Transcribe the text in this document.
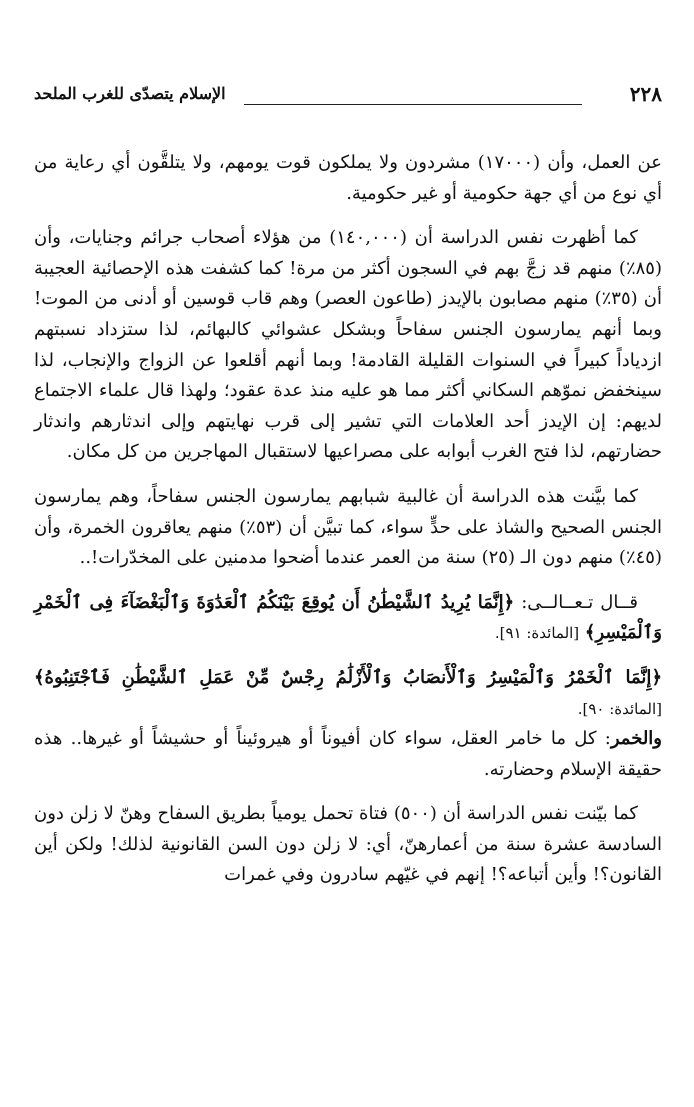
٢٢٨
الإسلام يتصدّى للغرب الملحد

عن العمل، وأن (١٧٠٠٠) مشردون ولا يملكون قوت يومهم، ولا يتلقَّون أي رعاية من أي نوع من أي جهة حكومية أو غير حكومية.

كما أظهرت نفس الدراسة أن (١٤٠,٠٠٠) من هؤلاء أصحاب جرائم وجنايات، وأن (٨٥٪) منهم قد زجَّ بهم في السجون أكثر من مرة! كما كشفت هذه الإحصائية العجيبة أن (٣٥٪) منهم مصابون بالإيدز (طاعون العصر) وهم قاب قوسين أو أدنى من الموت! وبما أنهم يمارسون الجنس سفاحاً وبشكل عشوائي كالبهائم، لذا ستزداد نسبتهم ازدياداً كبيراً في السنوات القليلة القادمة! وبما أنهم أقلعوا عن الزواج والإنجاب، لذا سينخفض نموّهم السكاني أكثر مما هو عليه منذ عدة عقود؛ ولهذا قال علماء الاجتماع لديهم: إن الإيدز أحد العلامات التي تشير إلى قرب نهايتهم وإلى اندثارهم واندثار حضارتهم، لذا فتح الغرب أبوابه على مصراعيها لاستقبال المهاجرين من كل مكان.

كما بيَّنت هذه الدراسة أن غالبية شبابهم يمارسون الجنس سفاحاً، وهم يمارسون الجنس الصحيح والشاذ على حدٍّ سواء، كما تبيَّن أن (٥٣٪) منهم يعاقرون الخمرة، وأن (٤٥٪) منهم دون الـ (٢٥) سنة من العمر عندما أضحوا مدمنين على المخدّرات!..

قــال تـعــالــى: ﴿إِنَّمَا يُرِيدُ ٱلشَّيْطَٰنُ أَن يُوقِعَ بَيْنَكُمُ ٱلْعَدَٰوَةَ وَٱلْبَغْضَآءَ فِى ٱلْخَمْرِ وَٱلْمَيْسِرِ﴾ [المائدة: ٩١].

﴿إِنَّمَا ٱلْخَمْرُ وَٱلْمَيْسِرُ وَٱلْأَنصَابُ وَٱلْأَزْلَٰمُ رِجْسٌ مِّنْ عَمَلِ ٱلشَّيْطَٰنِ فَٱجْتَنِبُوهُ﴾ [المائدة: ٩٠].

والخمر: كل ما خامر العقل، سواء كان أفيوناً أو هيروئيناً أو حشيشاً أو غيرها.. هذه حقيقة الإسلام وحضارته.

كما بيّنت نفس الدراسة أن (٥٠٠) فتاة تحمل يومياً بطريق السفاح وهنّ لا زلن دون السادسة عشرة سنة من أعمارهنّ، أي: لا زلن دون السن القانونية لذلك! ولكن أين القانون؟! وأين أتباعه؟! إنهم في غيّهم سادرون وفي غمرات
